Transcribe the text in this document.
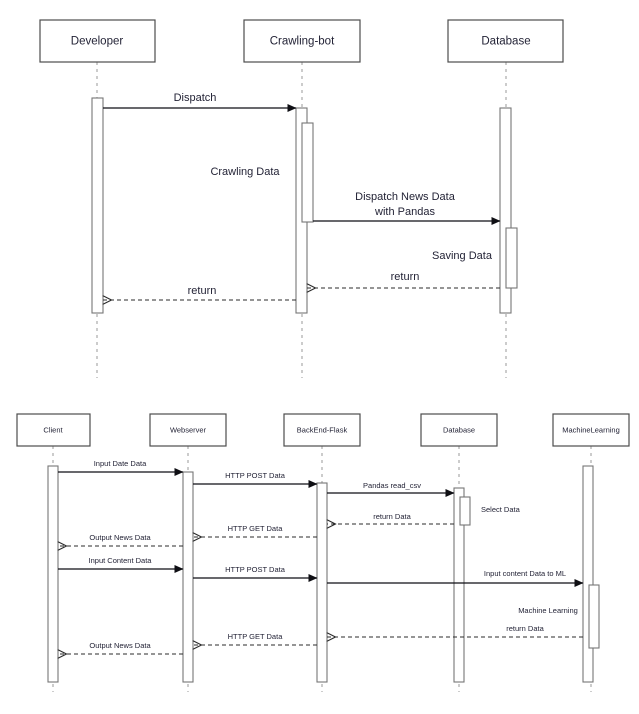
Developer	Crawling-bot	Database
Dispatch
Crawling Data
Dispatch News Data
with Pandas
Saving Data
return
return
Client	Webserver	BackEnd-Flask	Database	MachineLearning
Input Date Data
HTTP POST Data
Pandas read_csv
Select Data
return Data
HTTP GET Data
Output News Data
Input Content Data
HTTP POST Data	Input content Data to ML
Machine Learning
return Data
HTTP GET Data
Output News Data
